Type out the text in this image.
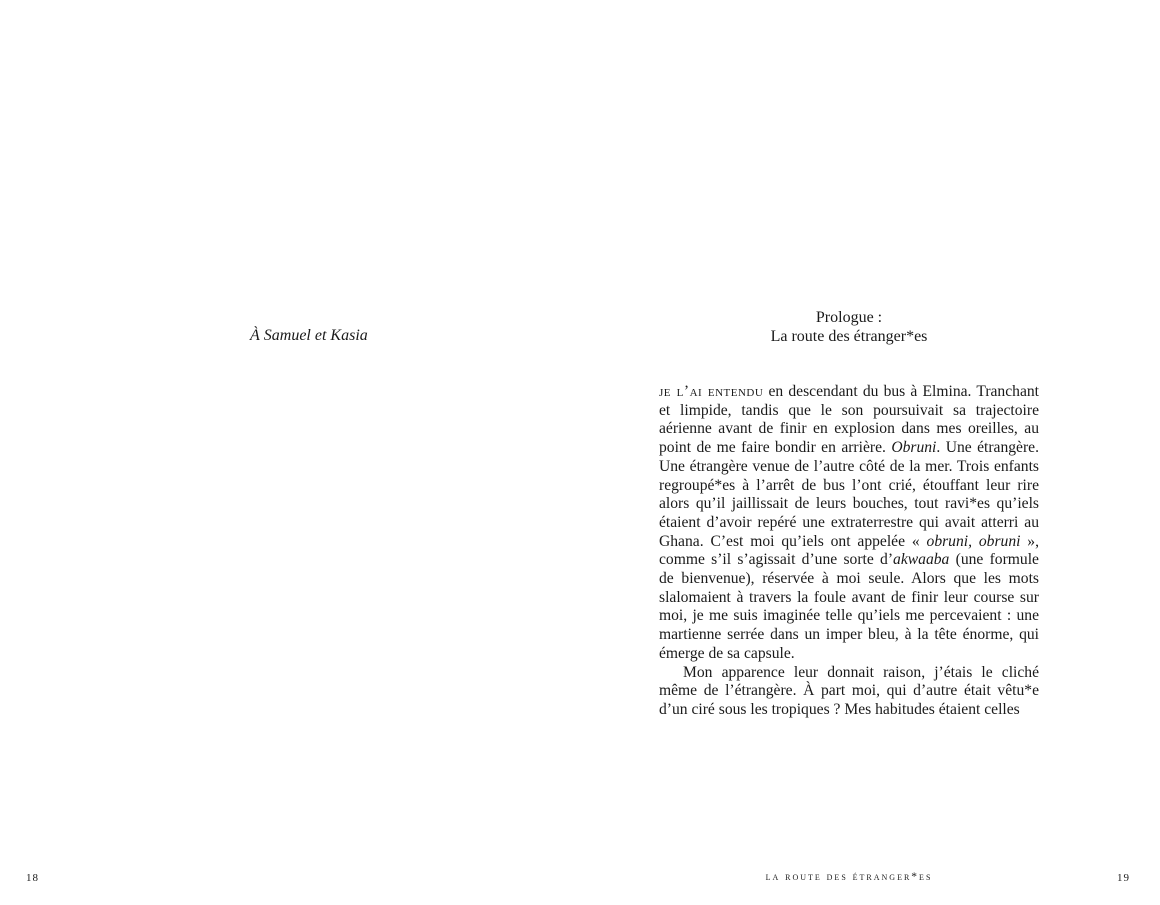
À Samuel et Kasia
Prologue :
La route des étranger*es

je l’ai entendu en descendant du bus à Elmina. Tranchant et limpide, tandis que le son poursuivait sa trajectoire aérienne avant de finir en explosion dans mes oreilles, au point de me faire bondir en arrière. Obruni. Une étrangère. Une étrangère venue de l’autre côté de la mer. Trois enfants regroupé*es à l’arrêt de bus l’ont crié, étouffant leur rire alors qu’il jaillissait de leurs bouches, tout ravi*es qu’iels étaient d’avoir repéré une extraterrestre qui avait atterri au Ghana. C’est moi qu’iels ont appelée « obruni, obruni », comme s’il s’agissait d’une sorte d’akwaaba (une formule de bienvenue), réservée à moi seule. Alors que les mots slalomaient à travers la foule avant de finir leur course sur moi, je me suis imaginée telle qu’iels me percevaient : une martienne serrée dans un imper bleu, à la tête énorme, qui émerge de sa capsule.

Mon apparence leur donnait raison, j’étais le cliché même de l’étrangère. À part moi, qui d’autre était vêtu*e d’un ciré sous les tropiques ? Mes habitudes étaient celles

18	la route des étranger*es	19
